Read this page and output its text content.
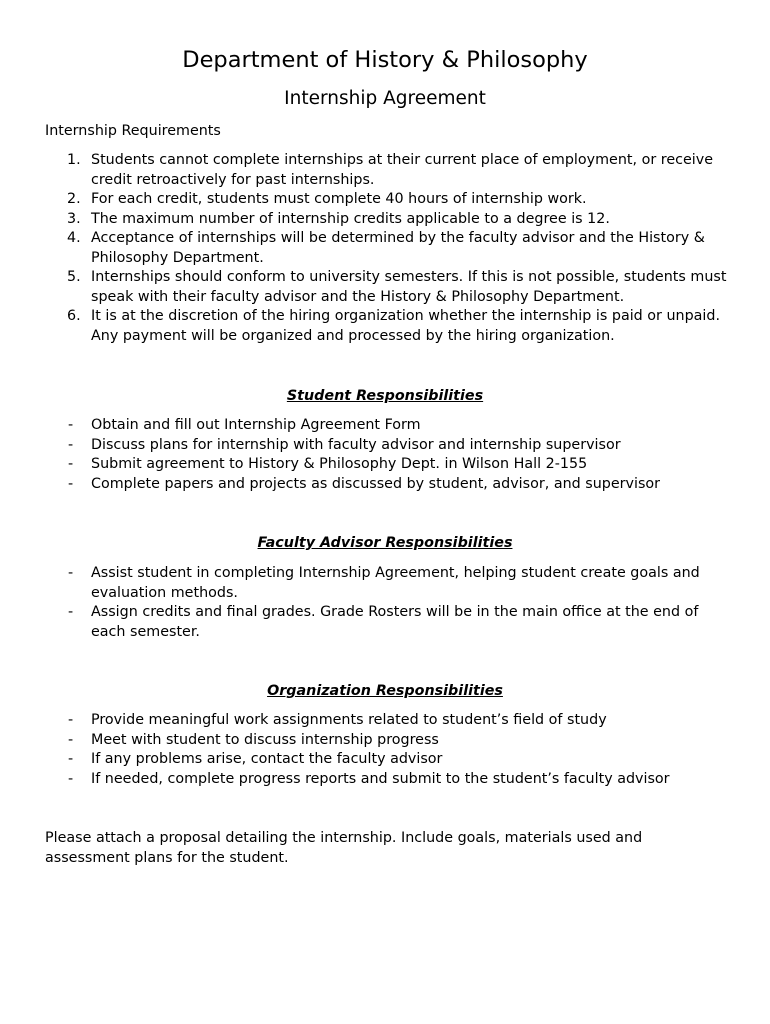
Department of History & Philosophy
Internship Agreement
Internship Requirements
1. Students cannot complete internships at their current place of employment, or receive credit retroactively for past internships.
2. For each credit, students must complete 40 hours of internship work.
3. The maximum number of internship credits applicable to a degree is 12.
4. Acceptance of internships will be determined by the faculty advisor and the History & Philosophy Department.
5. Internships should conform to university semesters. If this is not possible, students must speak with their faculty advisor and the History & Philosophy Department.
6. It is at the discretion of the hiring organization whether the internship is paid or unpaid. Any payment will be organized and processed by the hiring organization.
Student Responsibilities
- Obtain and fill out Internship Agreement Form
- Discuss plans for internship with faculty advisor and internship supervisor
- Submit agreement to History & Philosophy Dept. in Wilson Hall 2-155
- Complete papers and projects as discussed by student, advisor, and supervisor
Faculty Advisor Responsibilities
- Assist student in completing Internship Agreement, helping student create goals and evaluation methods.
- Assign credits and final grades. Grade Rosters will be in the main office at the end of each semester.
Organization Responsibilities
- Provide meaningful work assignments related to student’s field of study
- Meet with student to discuss internship progress
- If any problems arise, contact the faculty advisor
- If needed, complete progress reports and submit to the student’s faculty advisor
Please attach a proposal detailing the internship. Include goals, materials used and assessment plans for the student.
